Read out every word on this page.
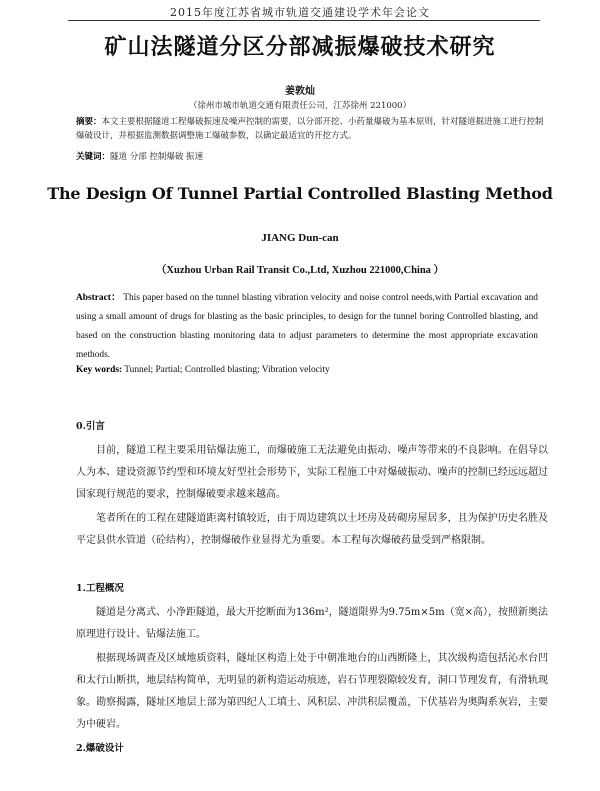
2015年度江苏省城市轨道交通建设学术年会论文
矿山法隧道分区分部减振爆破技术研究
姜敦灿
（徐州市城市轨道交通有限责任公司，江苏徐州 221000）
摘要：本文主要根据隧道工程爆破振速及噪声控制的需要，以分部开挖、小药量爆破为基本原则，针对隧道掘进施工进行控制爆破设计，并根据监测数据调整施工爆破参数，以确定最适宜的开挖方式。
关键词：隧道 分部 控制爆破 振速
The Design Of Tunnel Partial Controlled Blasting Method
JIANG Dun-can
（Xuzhou Urban Rail Transit Co.,Ltd, Xuzhou 221000,China ）
Abstract： This paper based on the tunnel blasting vibration velocity and noise control needs,with Partial excavation and using a small amount of drugs for blasting as the basic principles, to design for the tunnel boring Controlled blasting, and based on the construction blasting monitoring data to adjust parameters to determine the most appropriate excavation methods.
Key words: Tunnel; Partial; Controlled blasting; Vibration velocity
0.引言
目前，隧道工程主要采用钻爆法施工，而爆破施工无法避免由振动、噪声等带来的不良影响。在倡导以人为本、建设资源节约型和环境友好型社会形势下，实际工程施工中对爆破振动、噪声的控制已经远远超过国家现行规范的要求，控制爆破要求越来越高。
笔者所在的工程在建隧道距离村镇较近，由于周边建筑以土坯房及砖砌房屋居多，且为保护历史名胜及平定县供水管道（砼结构），控制爆破作业显得尤为重要。本工程每次爆破药量受到严格限制。
1.工程概况
隧道是分离式、小净距隧道，最大开挖断面为136m²，隧道限界为9.75m×5m（宽×高），按照新奥法原理进行设计、钻爆法施工。
根据现场调查及区域地质资料，隧址区构造上处于中朝准地台的山西断隆上，其次级构造包括沁水台凹和太行山断拱，地层结构简单，无明显的新构造运动痕迹，岩石节理裂隙较发育，洞口节理发育，有滑轨现象。勘察揭露，隧址区地层上部为第四纪人工填土、风积层、冲洪积层覆盖，下伏基岩为奥陶系灰岩，主要为中硬岩。
2.爆破设计
